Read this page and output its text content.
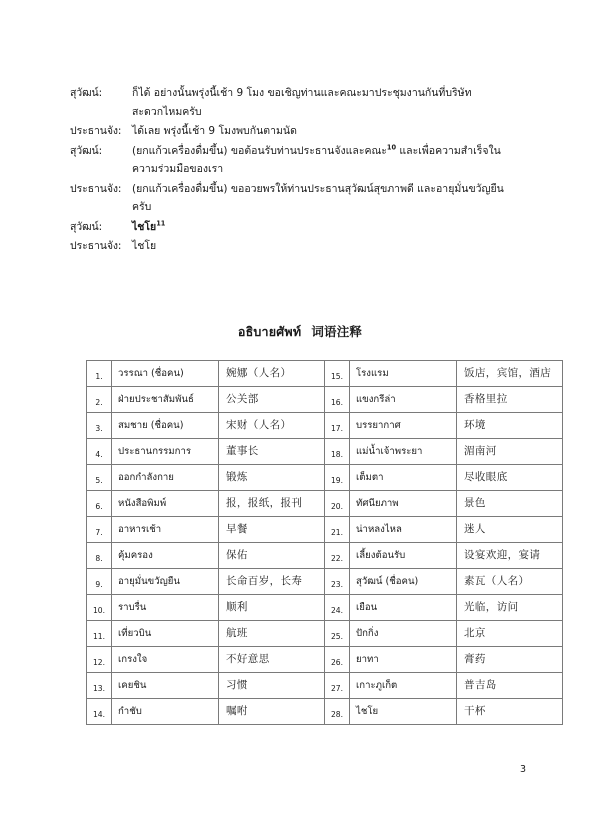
สุวัฒน์:	ก็ได้ อย่างนั้นพรุ่งนี้เช้า 9 โมง ขอเชิญท่านและคณะมาประชุมงานกันที่บริษัท
สะดวกไหมครับ
ประธานจัง:	ได้เลย พรุ่งนี้เช้า 9 โมงพบกันตามนัด
สุวัฒน์:	(ยกแก้วเครื่องดื่มขึ้น) ขอต้อนรับท่านประธานจังและคณะ$^{10}$ และเพื่อความสำเร็จใน
ความร่วมมือของเรา
ประธานจัง:	(ยกแก้วเครื่องดื่มขึ้น) ขออวยพรให้ท่านประธานสุวัฒน์สุขภาพดี และอายุมั่นขวัญยืน
ครับ
สุวัฒน์:	ไชโย$^{11}$
ประธานจัง:	ไชโย
อธิบายศัพท์ 词语注释
1.	วรรณา (ชื่อคน)	婉娜（人名）	15.	โรงแรม	饭店，宾馆，酒店
2.	ฝ่ายประชาสัมพันธ์	公关部	16.	แขงกรีล่า	香格里拉
3.	สมชาย (ชื่อคน)	宋财（人名）	17.	บรรยากาศ	环境
4.	ประธานกรรมการ	董事长	18.	แม่น้ำเจ้าพระยา	湄南河
5.	ออกกำลังกาย	锻炼	19.	เต็มตา	尽收眼底
6.	หนังสือพิมพ์	报，报纸，报刊	20.	ทัศนียภาพ	景色
7.	อาหารเช้า	早餐	21.	น่าหลงไหล	迷人
8.	คุ้มครอง	保佑	22.	เลี้ยงต้อนรับ	设宴欢迎，宴请
9.	อายุมั่นขวัญยืน	长命百岁，长寿	23.	สุวัฒน์ (ชื่อคน)	素瓦（人名）
10.	ราบรื่น	顺利	24.	เยือน	光临，访问
11.	เที่ยวบิน	航班	25.	ปักกิ่ง	北京
12.	เกรงใจ	不好意思	26.	ยาทา	膏药
13.	เคยชิน	习惯	27.	เกาะภูเก็ต	普吉岛
14.	กำชับ	嘱咐	28.	ไชโย	干杯
3
